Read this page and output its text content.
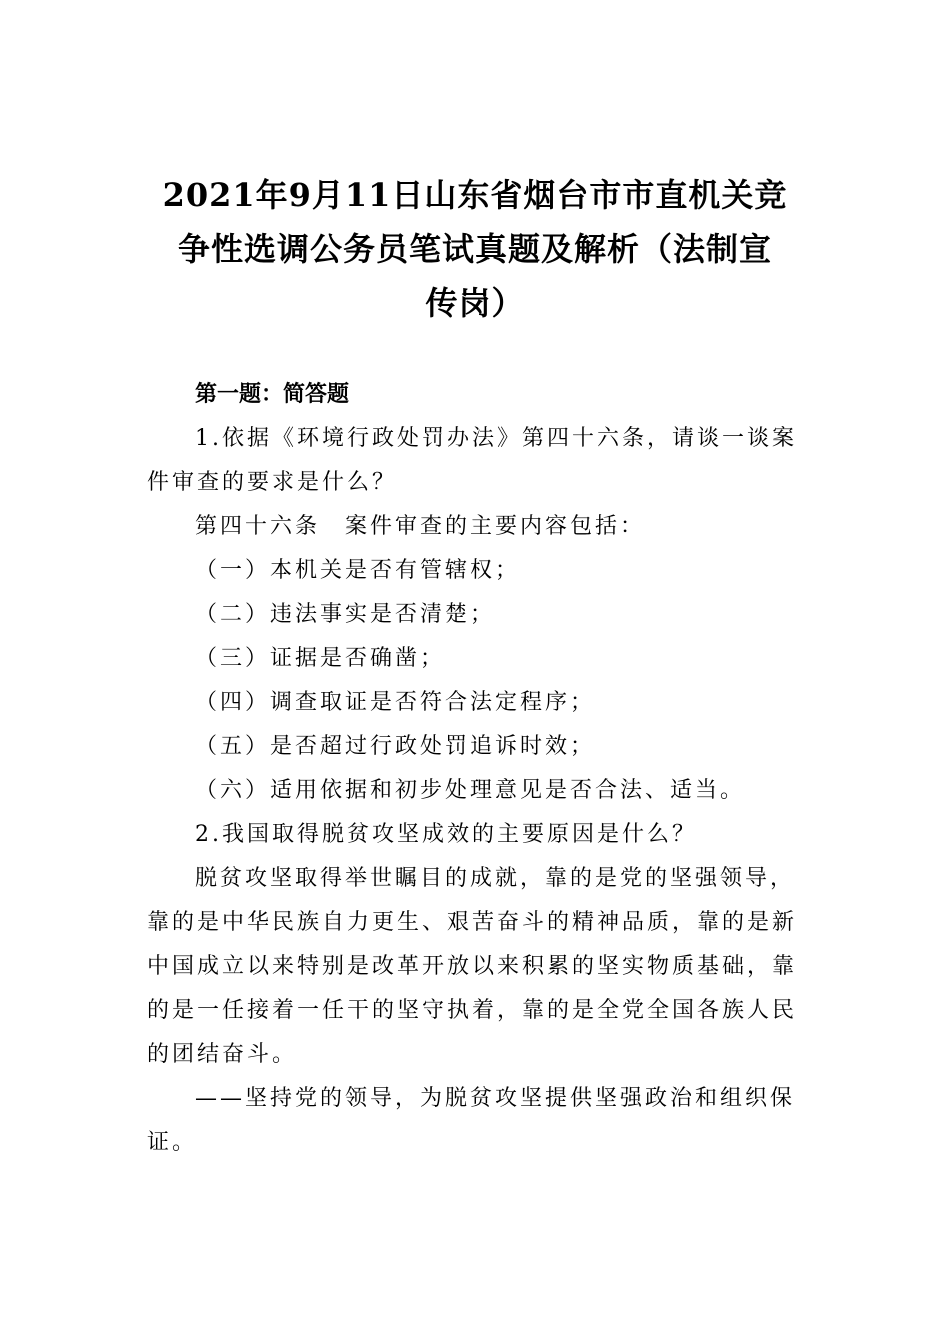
2021年9月11日山东省烟台市市直机关竞
争性选调公务员笔试真题及解析（法制宣
传岗）

第一题：简答题

1.依据《环境行政处罚办法》第四十六条，请谈一谈案

件审查的要求是什么？

第四十六条　案件审查的主要内容包括：

（一）本机关是否有管辖权；

（二）违法事实是否清楚；

（三）证据是否确凿；

（四）调查取证是否符合法定程序；

（五）是否超过行政处罚追诉时效；

（六）适用依据和初步处理意见是否合法、适当。

2.我国取得脱贫攻坚成效的主要原因是什么？

脱贫攻坚取得举世瞩目的成就，靠的是党的坚强领导，

靠的是中华民族自力更生、艰苦奋斗的精神品质，靠的是新

中国成立以来特别是改革开放以来积累的坚实物质基础，靠

的是一任接着一任干的坚守执着，靠的是全党全国各族人民

的团结奋斗。

——坚持党的领导，为脱贫攻坚提供坚强政治和组织保

证。
